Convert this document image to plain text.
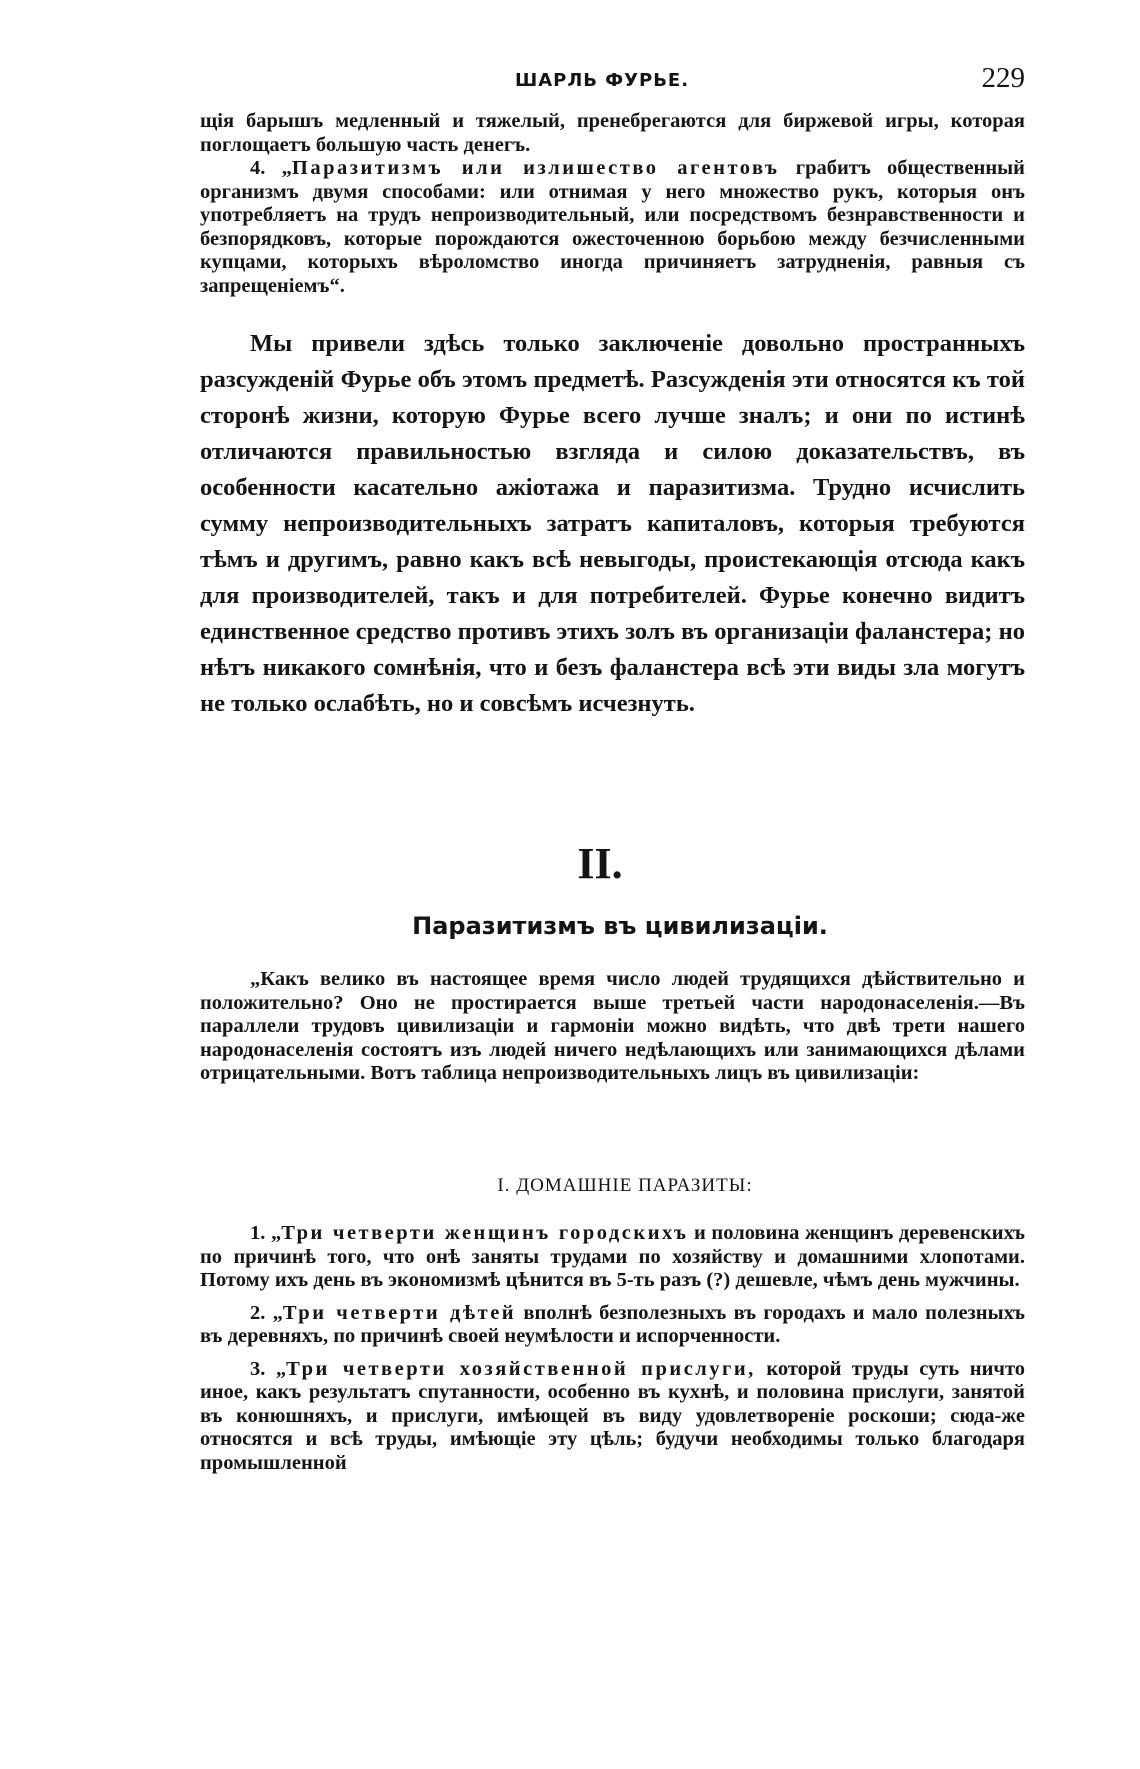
ШАРЛЬ ФУРЬЕ.	229

щія барышъ медленный и тяжелый, пренебрегаются для биржевой игры, которая поглощаетъ большую часть денегъ.

4. „Паразитизмъ или излишество агентовъ грабитъ общественный организмъ двумя способами: или отнимая у него множество рукъ, которыя онъ употребляетъ на трудъ непроизводительный, или посредствомъ безнравственности и безпорядковъ, которые порождаются ожесточенною борьбою между безчисленными купцами, которыхъ вѣроломство иногда причиняетъ затрудненія, равныя съ запрещеніемъ“.

Мы привели здѣсь только заключеніе довольно пространныхъ разсужденій Фурье объ этомъ предметѣ. Разсужденія эти относятся къ той сторонѣ жизни, которую Фурье всего лучше зналъ; и они по истинѣ отличаются правильностью взгляда и силою доказательствъ, въ особенности касательно ажіотажа и паразитизма. Трудно исчислить сумму непроизводительныхъ затратъ капиталовъ, которыя требуются тѣмъ и другимъ, равно какъ всѣ невыгоды, проистекающія отсюда какъ для производителей, такъ и для потребителей. Фурье конечно видитъ единственное средство противъ этихъ золъ въ организаціи фаланстера; но нѣтъ никакого сомнѣнія, что и безъ фаланстера всѣ эти виды зла могутъ не только ослабѣть, но и совсѣмъ исчезнуть.

II.
Паразитизмъ въ цивилизаціи.

„Какъ велико въ настоящее время число людей трудящихся дѣйствительно и положительно? Оно не простирается выше третьей части народонаселенія.—Въ параллели трудовъ цивилизаціи и гармоніи можно видѣть, что двѣ трети нашего народонаселенія состоятъ изъ людей ничего недѣлающихъ или занимающихся дѣлами отрицательными. Вотъ таблица непроизводительныхъ лицъ въ цивилизаціи:

I. ДОМАШНІЕ ПАРАЗИТЫ:

1. „Три четверти женщинъ городскихъ и половина женщинъ деревенскихъ по причинѣ того, что онѣ заняты трудами по хозяйству и домашними хлопотами. Потому ихъ день въ экономизмѣ цѣнится въ 5-ть разъ (?) дешевле, чѣмъ день мужчины.

2. „Три четверти дѣтей вполнѣ безполезныхъ въ городахъ и мало полезныхъ въ деревняхъ, по причинѣ своей неумѣлости и испорченности.

3. „Три четверти хозяйственной прислуги, которой труды суть ничто иное, какъ результатъ спутанности, особенно въ кухнѣ, и половина прислуги, занятой въ конюшняхъ, и прислуги, имѣющей въ виду удовлетвореніе роскоши; сюда-же относятся и всѣ труды, имѣющіе эту цѣль; будучи необходимы только благодаря промышленной
